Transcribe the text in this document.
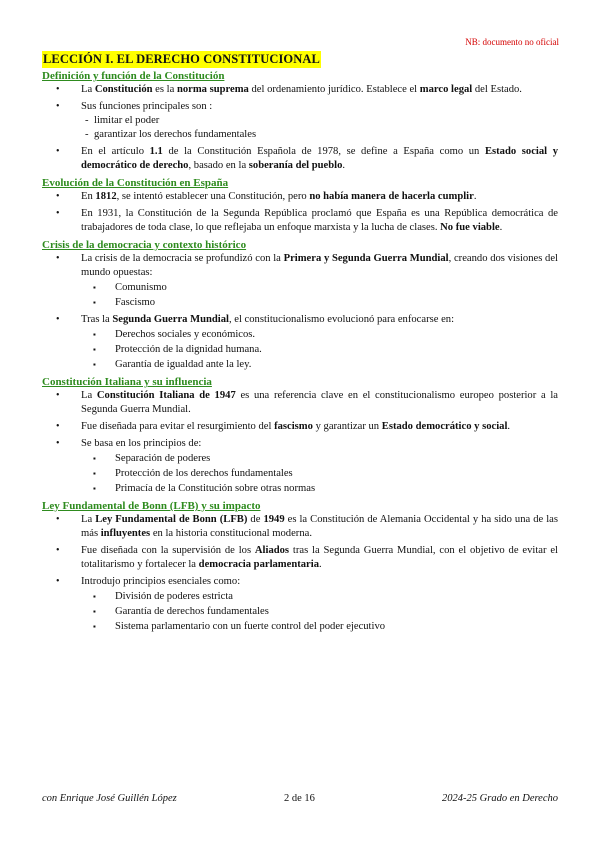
NB: documento no oficial
LECCIÓN I. EL DERECHO CONSTITUCIONAL
Definición y función de la Constitución
• La Constitución es la norma suprema del ordenamiento jurídico. Establece el marco legal del Estado.
• Sus funciones principales son :
- limitar el poder
- garantizar los derechos fundamentales
• En el artículo 1.1 de la Constitución Española de 1978, se define a España como un Estado social y democrático de derecho, basado en la soberanía del pueblo.
Evolución de la Constitución en España
• En 1812, se intentó establecer una Constitución, pero no había manera de hacerla cumplir.
• En 1931, la Constitución de la Segunda República proclamó que España es una República democrática de trabajadores de toda clase, lo que reflejaba un enfoque marxista y la lucha de clases. No fue viable.
Crisis de la democracia y contexto histórico
• La crisis de la democracia se profundizó con la Primera y Segunda Guerra Mundial, creando dos visiones del mundo opuestas:
▪ Comunismo
▪ Fascismo
• Tras la Segunda Guerra Mundial, el constitucionalismo evolucionó para enfocarse en:
▪ Derechos sociales y económicos.
▪ Protección de la dignidad humana.
▪ Garantía de igualdad ante la ley.
Constitución Italiana y su influencia
• La Constitución Italiana de 1947 es una referencia clave en el constitucionalismo europeo posterior a la Segunda Guerra Mundial.
• Fue diseñada para evitar el resurgimiento del fascismo y garantizar un Estado democrático y social.
• Se basa en los principios de:
▪ Separación de poderes
▪ Protección de los derechos fundamentales
▪ Primacía de la Constitución sobre otras normas
Ley Fundamental de Bonn (LFB) y su impacto
• La Ley Fundamental de Bonn (LFB) de 1949 es la Constitución de Alemania Occidental y ha sido una de las más influyentes en la historia constitucional moderna.
• Fue diseñada con la supervisión de los Aliados tras la Segunda Guerra Mundial, con el objetivo de evitar el totalitarismo y fortalecer la democracia parlamentaria.
• Introdujo principios esenciales como:
▪ División de poderes estricta
▪ Garantía de derechos fundamentales
▪ Sistema parlamentario con un fuerte control del poder ejecutivo
con Enrique José Guillén López	2 de 16	2024-25 Grado en Derecho
